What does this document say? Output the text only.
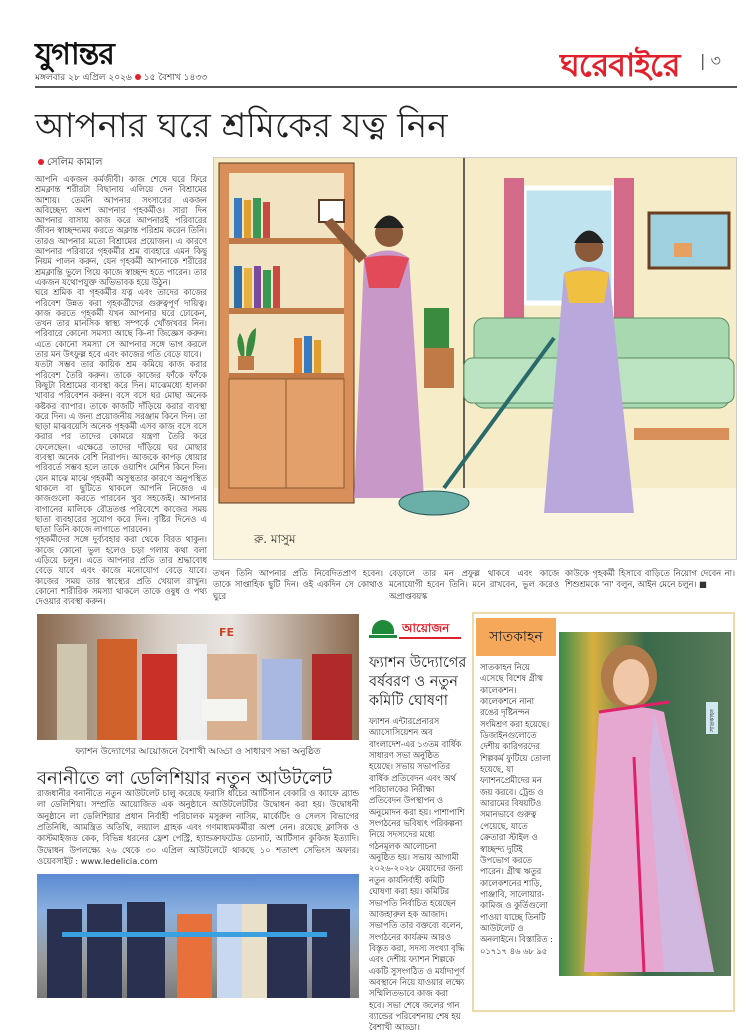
যুগান্তর
মঙ্গলবার ২৮ এপ্রিল ২০২৬ ১৫ বৈশাখ ১৪৩৩	ঘরেবাইরে | ৩
আপনার ঘরে শ্রমিকের যত্ন নিন
সেলিম কামাল

আপনি একজন কর্মজীবী। কাজ শেষে ঘরে ফিরে শ্রমক্লান্ত শরীরটা বিছানায় এলিয়ে দেন বিশ্রামের আশায়। তেমনি আপনার সংসারের একজন অবিচ্ছেদ্য অংশ আপনার গৃহকর্মীও। সারা দিন আপনার বাসায় কাজ করে আপনারই পরিবারের জীবন স্বাচ্ছন্দ্যময় করতে অক্লান্ত পরিশ্রম করেন তিনি। তারও আপনার মতো বিশ্রামের প্রয়োজন। এ কারণে আপনার পরিবারে গৃহকর্মীর শ্রম ব্যবহারে এমন কিছু নিয়ম পালন করুন, যেন গৃহকর্মী আপনাকে শরীরের শ্রমক্লান্তি ভুলে গিয়ে কাজে স্বাচ্ছন্দ হতে পারেন। তার একজন যথোপযুক্ত অভিভাবক হয়ে উঠুন।

ঘরে শ্রমিক বা গৃহকর্মীর যত্ন এবং তাদের কাজের পরিবেশ উন্নত করা গৃহকর্ত্রীদের গুরুত্বপূর্ণ দায়িত্ব। কাজ করতে গৃহকর্মী যখন আপনার ঘরে ঢোকেন, তখন তার মানসিক স্বাস্থ্য সম্পর্কে খোঁজখবর নিন। পরিবারে কোনো সমস্যা আছে কি-না জিজ্ঞেস করুন। এতে কোনো সমস্যা সে আপনার সঙ্গে ভাগ করলে তার মন উৎফুল্ল হবে এবং কাজের গতি বেড়ে যাবে।

যতটা সম্ভব তার কায়িক শ্রম কমিয়ে কাজ করার পরিবেশ তৈরি করুন। তাকে কাজের ফাঁকে ফাঁকে কিছুটা বিশ্রামের ব্যবস্থা করে দিন। মাঝেমধ্যে হালকা খাবার পরিবেশন করুন। বসে বসে ঘর মোছা অনেক কষ্টকর ব্যাপার। তাকে কাজটি দাঁড়িয়ে করার ব্যবস্থা করে দিন। এ জন্য প্রয়োজনীয় সরঞ্জাম কিনে দিন। তা ছাড়া মাঝবয়েসি অনেক গৃহকর্মী এসব কাজ বসে বসে করার পর তাদের কোমরে যন্ত্রণা তৈরি করে ফেলেছেন। এক্ষেত্রে তাদের দাঁড়িয়ে ঘর মোছার ব্যবস্থা অনেক বেশি নিরাপদ। আজকে কাপড় ধোয়ার পরিবর্তে সম্ভব হলে তাকে ওয়াশিং মেশিন কিনে দিন। যেন মাঝে মাঝে গৃহকর্মী অসুস্থতার কারণে অনুপস্থিত থাকলে বা ছুটিতে থাকলে আপনি নিজেও এ কাজগুলো করতে পারবেন খুব সহজেই। আপনার বাগানের মালিকে রৌদ্রতপ্ত পরিবেশে কাজের সময় ছাতা ব্যবহারের সুযোগ করে দিন। বৃষ্টির দিনেও এ ছাতা তিনি কাজে লাগাতে পারবেন।

গৃহকর্মীদের সঙ্গে দুর্ব্যবহার করা থেকে বিরত থাকুন। কাজে কোনো ভুল হলেও চড়া গলায় কথা বলা এড়িয়ে চলুন। এতে আপনার প্রতি তার শ্রদ্ধাবোধ বেড়ে যাবে এবং কাজে মনোযোগ বেড়ে যাবে। কাজের সময় তার স্বাস্থ্যের প্রতি খেয়াল রাখুন। কোনো শারীরিক সমস্যা থাকলে তাকে ওষুধ ও পথ্য দেওয়ার ব্যবস্থা করুন।

রু. মাসুম
তখন তিনি আপনার প্রতি নিবেদিতপ্রাণ হবেন। তাকে সাপ্তাহিক ছুটি দিন। ওই একদিন সে কোথাও ঘুরে
বেড়ালে তার মন প্রফুল্ল থাকবে এবং কাজে মনোযোগী হবেন তিনি। মনে রাখবেন, ভুল করেও অপ্রাপ্তবয়স্ক
কাউকে গৃহকর্মী হিসাবে বাড়িতে নিয়োগ দেবেন না। শিশুশ্রমকে 'না' বলুন, আইন মেনে চলুন। ■
FE
ফ্যাশন উদ্যোগের আয়োজনে বৈশাখী আড্ডা ও সাধারণ সভা অনুষ্ঠিত
বনানীতে লা ডেলিশিয়ার নতুন আউটলেট
রাজধানীর বনানীতে নতুন আউটলেট চালু করেছে ফরাসি ধাঁচের আর্টিসান বেকারি ও ক্যাফে ব্র্যান্ড লা ডেলিশিয়া। সম্প্রতি আয়োজিত এক অনুষ্ঠানে আউটলেটটির উদ্বোধন করা হয়। উদ্বোধনী অনুষ্ঠানে লা ডেলিশিয়ার প্রধান নির্বাহী পরিচালক মসুরুল নাসিম, মার্কেটিং ও সেলস বিভাগের প্রতিনিধি, আমন্ত্রিত অতিথি, লয়্যাল গ্রাহক এবং গণমাধ্যমকর্মীরা অংশ নেন। রয়েছে ক্লাসিক ও কাস্টমাইজড কেক, বিভিন্ন ধরনের ফ্রেশ পেস্ট্রি, হ্যান্ডক্রাফটেড ডোনাট, আর্টিসান কুকিজ ইত্যাদি। উদ্বোধন উপলক্ষ্যে ২৬ থেকে ৩০ এপ্রিল আউটলেটে থাকছে ১০ শতাংশ সেভিংস অফার। ওয়েবসাইট : www.ledelicia.com
আয়োজন
ফ্যাশন উদ্যোগের বর্ষবরণ ও নতুন কমিটি ঘোষণা
ফ্যাশন এন্টারপ্রেনারস অ্যাসোসিয়েশন অব বাংলাদেশ-এর ১৩তম বার্ষিক সাধারণ সভা অনুষ্ঠিত হয়েছে। সভায় সভাপতির বার্ষিক প্রতিবেদন এবং অর্থ পরিচালকের নিরীক্ষা প্রতিবেদন উপস্থাপন ও অনুমোদন করা হয়। পাশাপাশি সংগঠনের ভবিষ্যৎ পরিকল্পনা নিয়ে সদস্যদের মধ্যে গঠনমূলক আলোচনা অনুষ্ঠিত হয়। সভায় আগামী ২০২৬-২০২৮ মেয়াদের জন্য নতুন কার্যনির্বাহী কমিটি ঘোষণা করা হয়। কমিটির সভাপতি নির্বাচিত হয়েছেন আজহারুল হক আজাদ। সভাপতি তার বক্তব্যে বলেন, সংগঠনের কার্যক্রম আরও বিস্তৃত করা, সদস্য সংখ্যা বৃদ্ধি এবং দেশীয় ফ্যাশন শিল্পকে একটি সুসংগঠিত ও মর্যাদাপূর্ণ অবস্থানে নিয়ে যাওয়ার লক্ষ্যে সম্মিলিতভাবে কাজ করা হবে। সভা শেষে জলের গান ব্যান্ডের পরিবেশনায় শেষ হয় বৈশাখী আড্ডা।
সাতকাহন
সাতকাহন নিয়ে এসেছে বিশেষ গ্রীষ্ম কালেকশন। কালেকশনে নানা রঙের দৃষ্টিনন্দন সংমিশ্রণ করা হয়েছে। ডিজাইনগুলোতে দেশীয় কারিগরদের শিল্পকর্ম ফুটিয়ে তোলা হয়েছে, যা ফ্যাশনপ্রেমীদের মন জয় করবে। ট্রেন্ড ও আরামের বিষয়টিও সমানভাবে গুরুত্ব পেয়েছে, যাতে ক্রেতারা স্টাইল ও স্বাচ্ছন্দ্য দুটিই উপভোগ করতে পারেন। গ্রীষ্ম ঋতুর কালেকশনের শাড়ি, পাঞ্জাবি, সালোয়ার-কামিজ ও কুর্তিগুলো পাওয়া যাচ্ছে তিনটি আউটলেট ও অনলাইনে। বিস্তারিত : ০১৭১৭ ৪৬ ৬৮ ৯৫
সাতকাহন
